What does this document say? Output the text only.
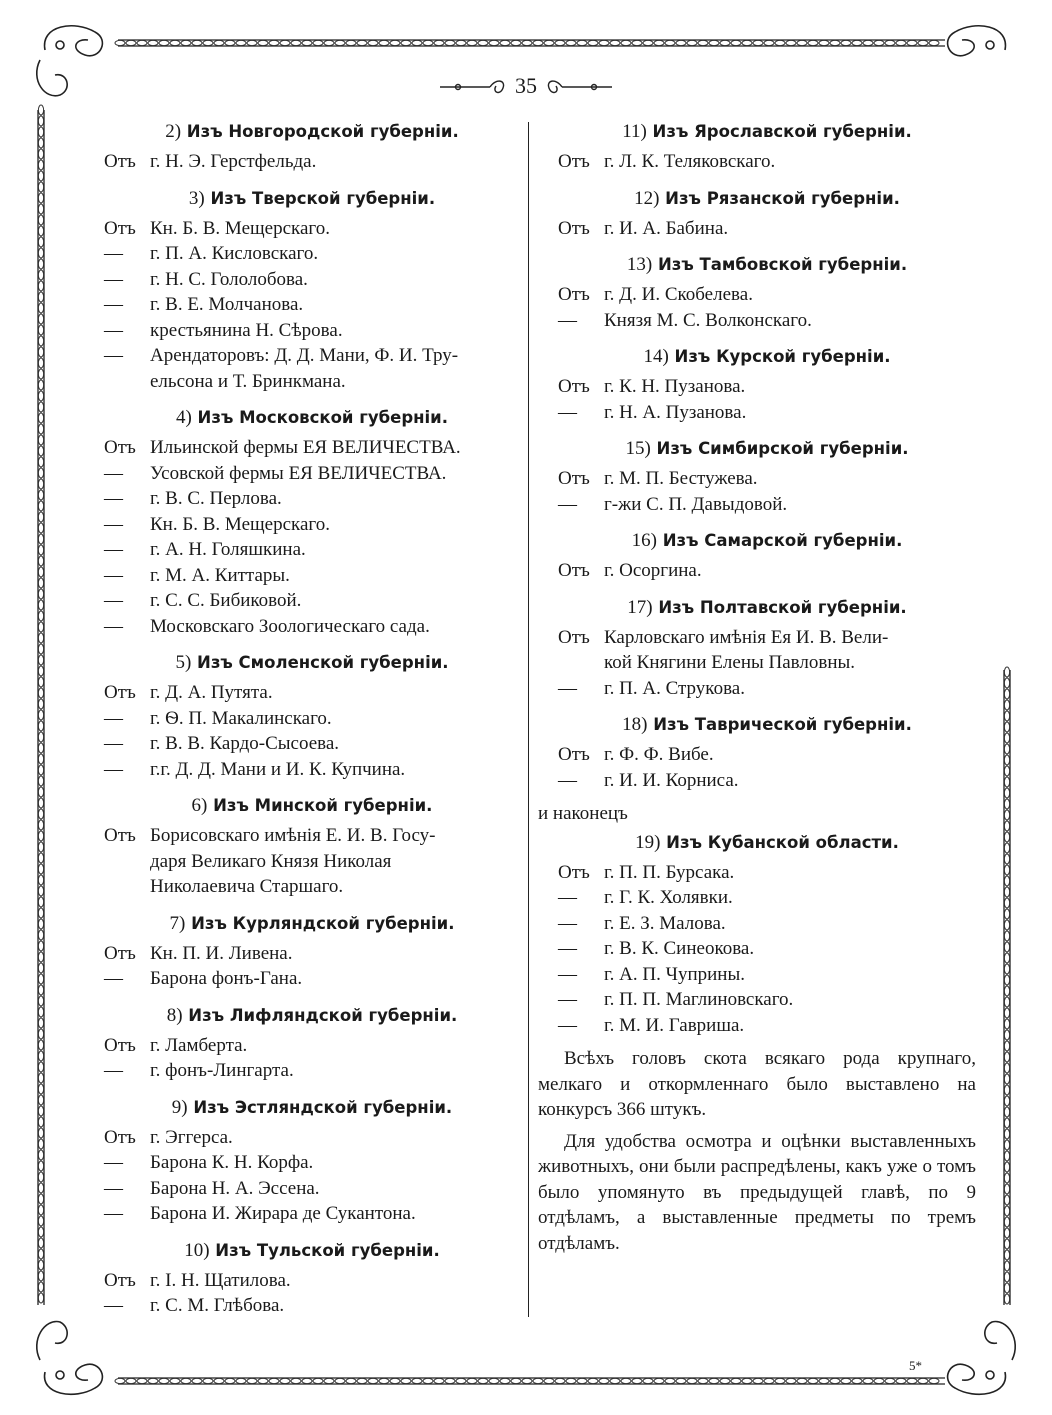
35
2) Изъ Новгородской губернiи.
Отъ г. Н. Э. Герстфельда.
3) Изъ Тверской губернiи.
Отъ Кн. Б. В. Мещерскаго.
— г. П. А. Кисловскаго.
— г. Н. С. Гололобова.
— г. В. Е. Молчанова.
— крестьянина Н. Сѣрова.
— Арендаторовъ: Д. Д. Мани, Ф. И. Тру-
ельсона и Т. Бринкмана.
4) Изъ Московской губернiи.
Отъ Ильинской фермы ЕЯ ВЕЛИЧЕСТВА.
— Усовской фермы ЕЯ ВЕЛИЧЕСТВА.
— г. В. С. Перлова.
— Кн. Б. В. Мещерскаго.
— г. А. Н. Голяшкина.
— г. М. А. Киттары.
— г. С. С. Бибиковой.
— Московскаго Зоологическаго сада.
5) Изъ Смоленской губернiи.
Отъ г. Д. А. Путята.
— г. Ѳ. П. Макалинскаго.
— г. В. В. Кардо-Сысоева.
— г.г. Д. Д. Мани и И. К. Купчина.
6) Изъ Минской губернiи.
Отъ Борисовскаго имѣнiя Е. И. В. Госу-
даря Великаго Князя Николая
Николаевича Старшаго.
7) Изъ Курляндской губернiи.
Отъ Кн. П. И. Ливена.
— Барона фонъ-Гана.
8) Изъ Лифляндской губернiи.
Отъ г. Ламберта.
— г. фонъ-Лингарта.
9) Изъ Эстляндской губернiи.
Отъ г. Эггерса.
— Барона К. Н. Корфа.
— Барона Н. А. Эссена.
— Барона И. Жирара де Сукантона.
10) Изъ Тульской губернiи.
Отъ г. I. Н. Щатилова.
— г. С. М. Глѣбова.
11) Изъ Ярославской губернiи.
Отъ г. Л. К. Теляковскаго.
12) Изъ Рязанской губернiи.
Отъ г. И. А. Бабина.
13) Изъ Тамбовской губернiи.
Отъ г. Д. И. Скобелева.
— Князя М. С. Волконскаго.
14) Изъ Курской губернiи.
Отъ г. К. Н. Пузанова.
— г. Н. А. Пузанова.
15) Изъ Симбирской губернiи.
Отъ г. М. П. Бестужева.
— г-жи С. П. Давыдовой.
16) Изъ Самарской губернiи.
Отъ г. Осоргина.
17) Изъ Полтавской губернiи.
Отъ Карловскаго имѣнiя Ея И. В. Вели-
кой Княгини Елены Павловны.
— г. П. А. Струкова.
18) Изъ Таврической губернiи.
Отъ г. Ф. Ф. Вибе.
— г. И. И. Корниса.
и наконецъ
19) Изъ Кубанской области.
Отъ г. П. П. Бурсака.
— г. Г. К. Холявки.
— г. Е. З. Малова.
— г. В. К. Синеокова.
— г. А. П. Чуприны.
— г. П. П. Маглиновскаго.
— г. М. И. Гавриша.
Всѣхъ головъ скота всякаго рода крупнаго, мелкаго и откормленнаго было выставлено на конкурсъ 366 штукъ.
Для удобства осмотра и оцѣнки выставленныхъ животныхъ, они были распредѣлены, какъ уже о томъ было упомянуто въ предыдущей главѣ, по 9 отдѣламъ, а выставленные предметы по тремъ отдѣламъ.
5*
